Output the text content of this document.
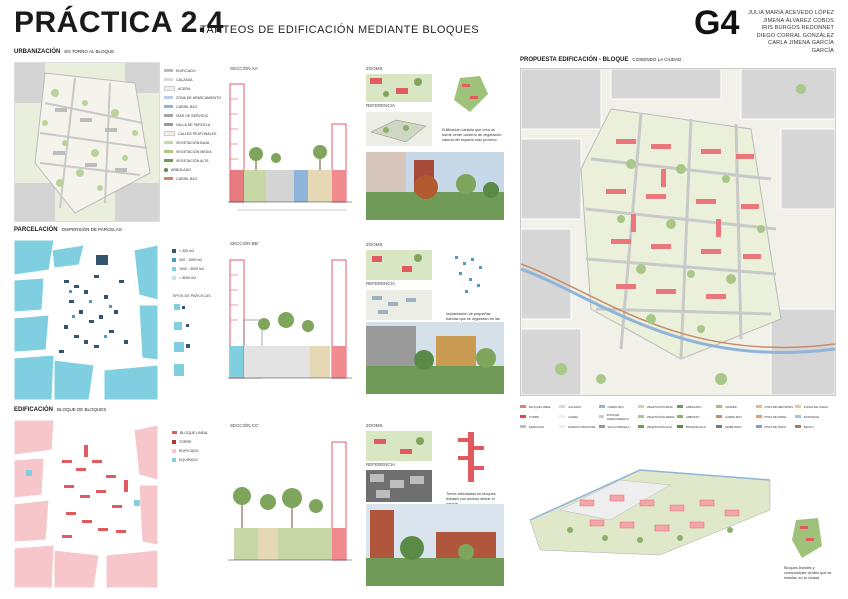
PRÁCTICA 2.4
TANTEOS DE EDIFICACIÓN MEDIANTE BLOQUES	G4 JULIA MARÍA ACEVEDO LÓPEZ
JIMENA ÁLVAREZ COBOS
IRIS BURGOS REDONNET
DIEGO CORRAL GONZÁLEZ
CARLA JIMENA GARCÍA GARCÍA
URBANIZACIÓN EN TORNO AL BLOQUE
EDIFICADO
CALZADA
ACERA
ZONA DE APARCAMIENTO
CARRIL BICI
VÍAS DE SERVICIO
VALLA DE PARCELA
CALLES PEATONALES
VEGETACIÓN BAJA
VEGETACIÓN MEDIA
VEGETACIÓN ALTA
ARBOLADO
CARRIL BICI
PARCELACIÓN DISPERSIÓN DE PARCELAS
< 300 m2
300 - 1000 m2
1000 - 3000 m2
> 3000 m2
TIPOS DE PARCELAS
EDIFICACIÓN BLOQUE DE BLOQUES
BLOQUE LINEAL
TORRE
EDIFICADO
EQUIPADO
SECCIÓN AA'
SECCIÓN BB'
SECCIÓN CC'
ZOOMS
REFERENCIA
Edificación variada que crea un borde verde cubierto de vegetación natural del espacio mas próximo.
ZOOMS
REFERENCIA
Implantación de pequeñas bandas que se organizan en las
ZOOMS
REFERENCIA
Torres articuladas en bloques lineales con acceso desde el
PROPUESTA EDIFICACIÓN - BLOQUE COSIENDO LA CIUDAD
BLOQUE LINEAL	CALZADA	CARRIL BICI	VEGETACIÓN BAJA	ARBOLADO	CESPED	PISTA DE DEPORTES	ZONAS DE JUEGO
TORRE	ACERA	ZONA DE APARCAMIENTO	VEGETACIÓN MEDIA	ARBUSTO	CARRIL BICI	PISTA DE PADEL	ESTANQUE
EDIFICADO	ESPACIO PEATONAL	VALLA PARCELA	VEGETACIÓN ALTA	BOSQUECILLO	MOBILIARIO	PISTA DE TENIS	BANCO
Bloques lineales y comunidades verdes que se insertan en la ciudad.
